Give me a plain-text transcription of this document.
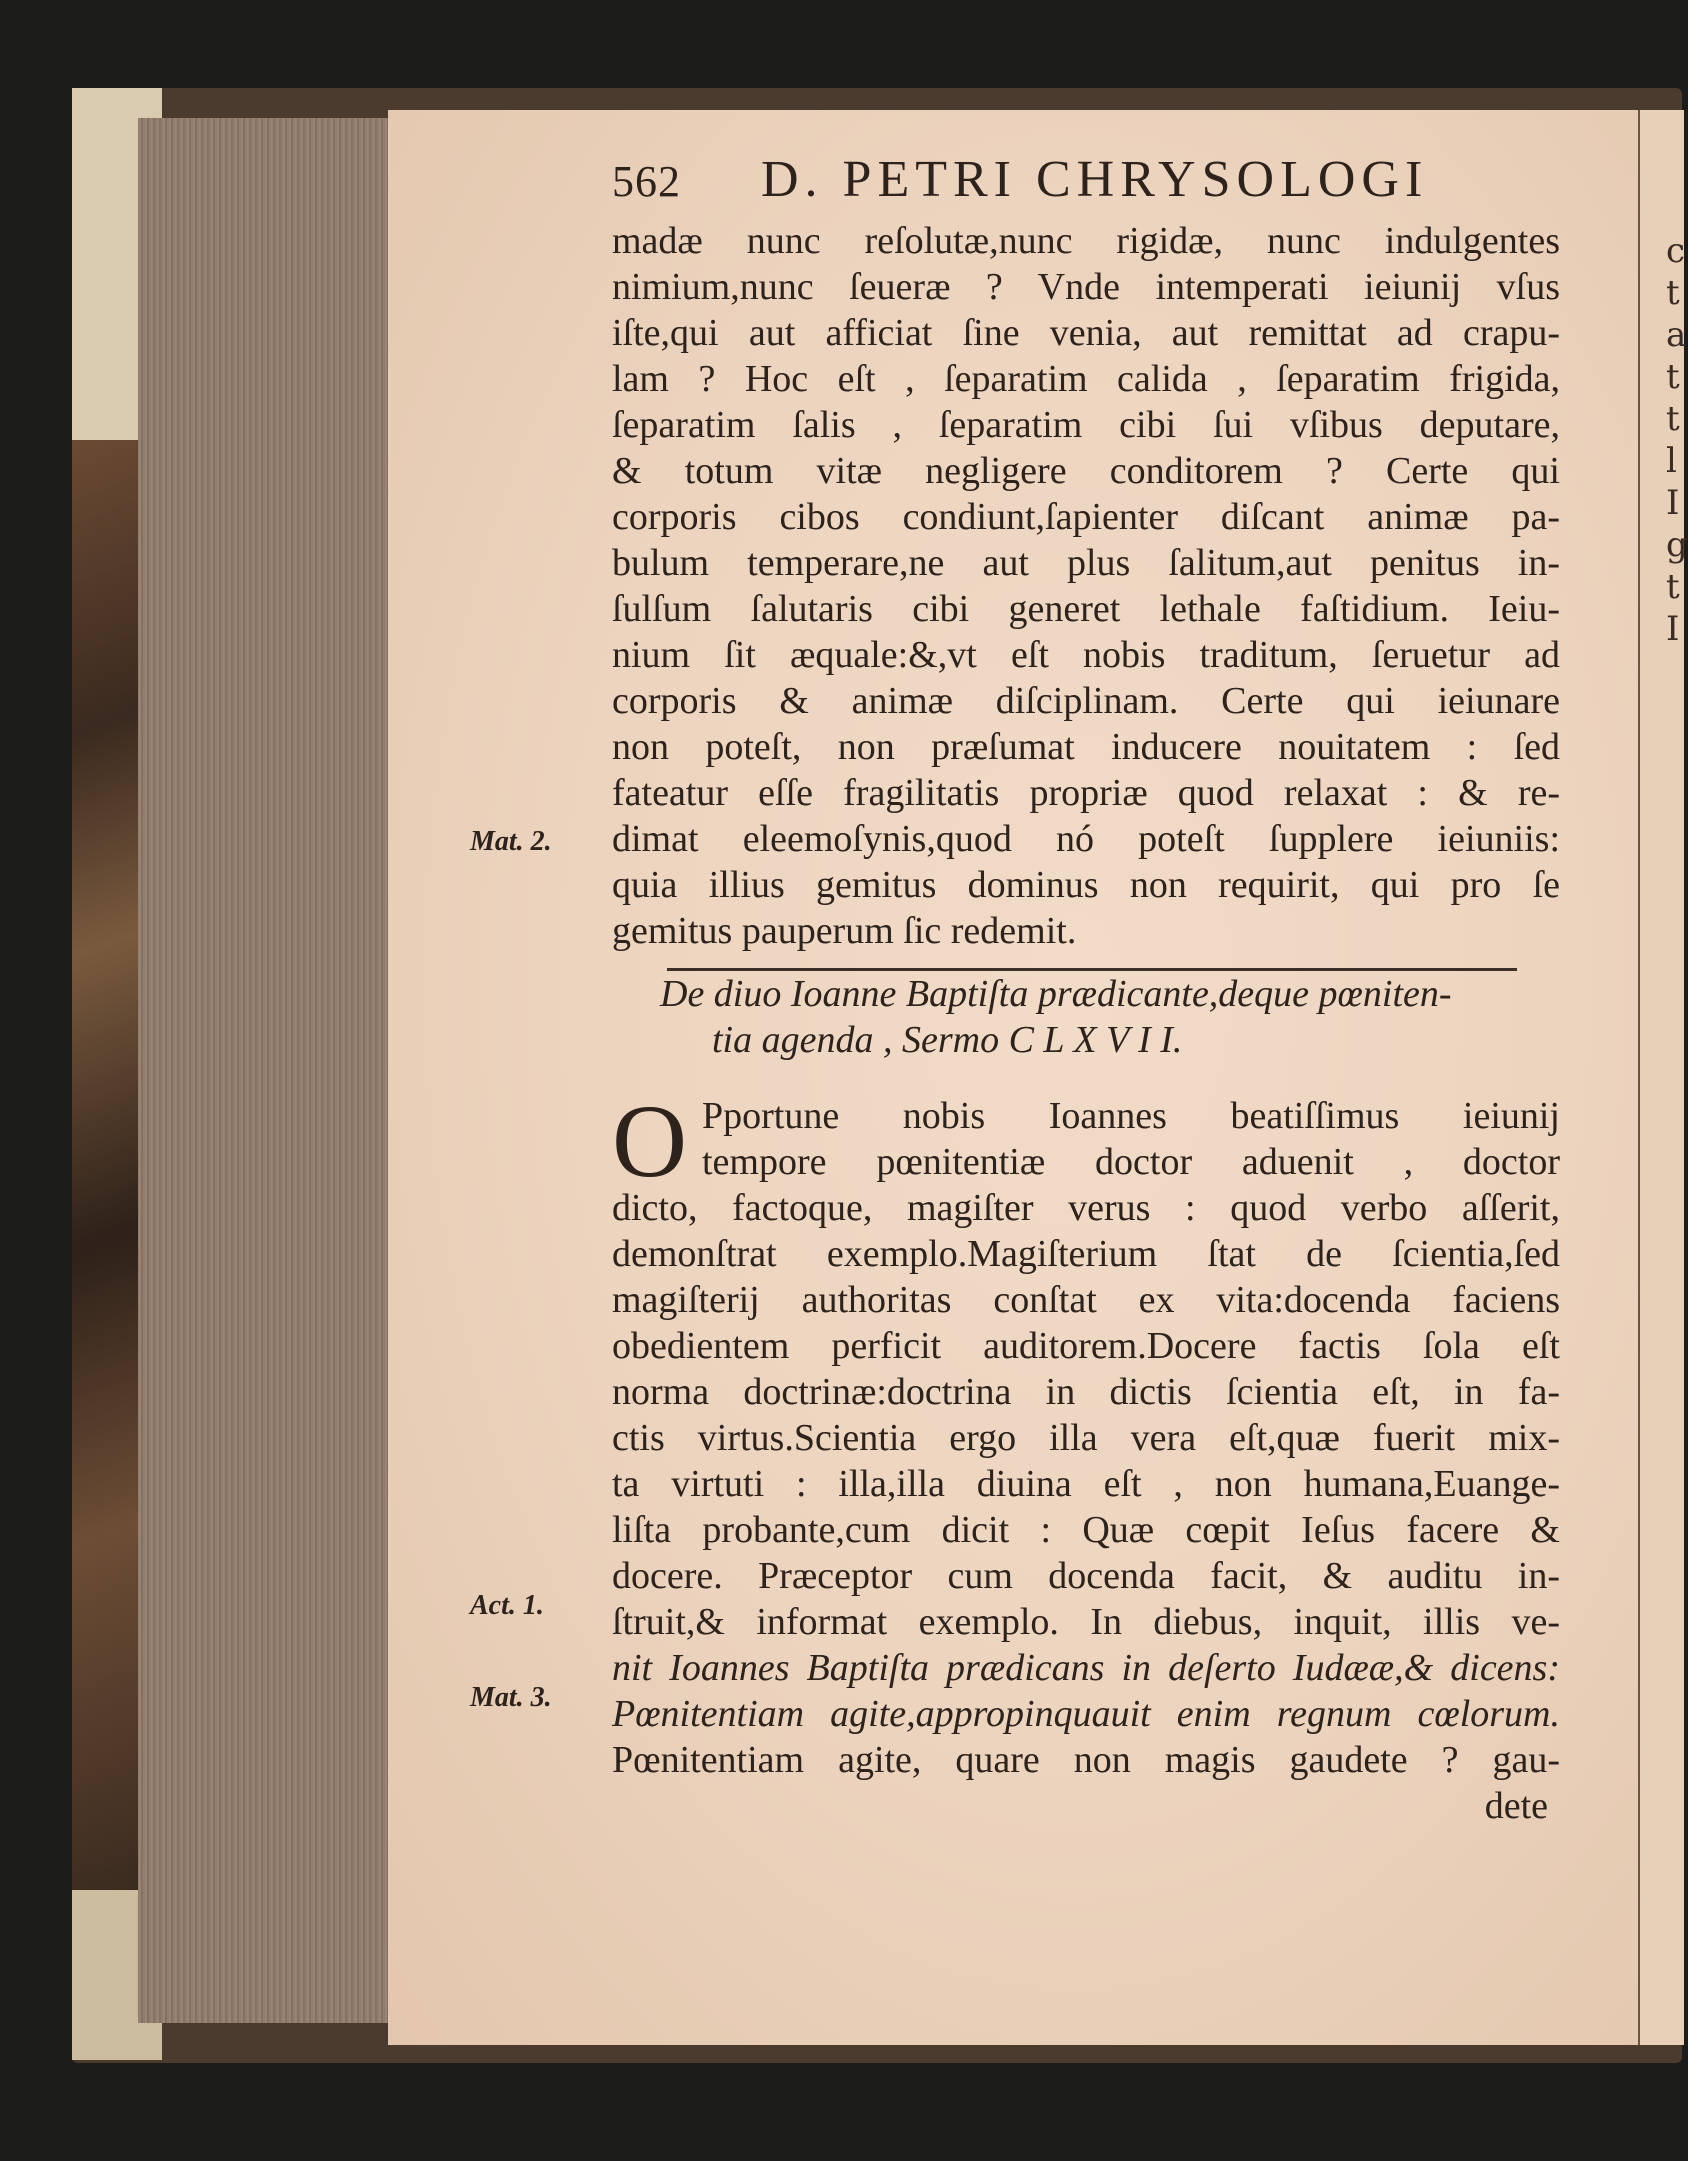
562 D. PETRI CHRYSOLOGI
madæ nunc reſolutæ,nunc rigidæ, nunc indulgentes
nimium,nunc ſeueræ ? Vnde intemperati ieiunij vſus
iſte,qui aut afficiat ſine venia, aut remittat ad crapu-
lam ? Hoc eſt , ſeparatim calida , ſeparatim frigida,
ſeparatim ſalis , ſeparatim cibi ſui vſibus deputare,
& totum vitæ negligere conditorem ? Certe qui
corporis cibos condiunt,ſapienter diſcant animæ pa-
bulum temperare,ne aut plus ſalitum,aut penitus in-
ſulſum ſalutaris cibi generet lethale faſtidium. Ieiu-
nium ſit æquale:&,vt eſt nobis traditum, ſeruetur ad
corporis & animæ diſciplinam. Certe qui ieiunare
non poteſt, non præſumat inducere nouitatem : ſed
fateatur eſſe fragilitatis propriæ quod relaxat : & re-
dimat eleemoſynis,quod nó poteſt ſupplere ieiuniis:
quia illius gemitus dominus non requirit, qui pro ſe
gemitus pauperum ſic redemit.
De diuo Ioanne Baptiſta prædicante,deque pœniten-
tia agenda , Sermo C L X V I I.
O Pportune nobis Ioannes beatiſſimus ieiunij
tempore pœnitentiæ doctor aduenit , doctor
dicto, factoque, magiſter verus : quod verbo aſſerit,
demonſtrat exemplo.Magiſterium ſtat de ſcientia,ſed
magiſterij authoritas conſtat ex vita:docenda faciens
obedientem perficit auditorem.Docere factis ſola eſt
norma doctrinæ:doctrina in dictis ſcientia eſt, in fa-
ctis virtus.Scientia ergo illa vera eſt,quæ fuerit mix-
ta virtuti : illa,illa diuina eſt , non humana,Euange-
liſta probante,cum dicit : Quæ cœpit Ieſus facere &
docere. Præceptor cum docenda facit, & auditu in-
ſtruit,& informat exemplo. In diebus, inquit, illis ve-
nit Ioannes Baptiſta prædicans in deſerto Iudææ,& dicens:
Pœnitentiam agite,appropinquauit enim regnum cœlorum.
Pœnitentiam agite, quare non magis gaudete ? gau-
dete
Mat. 2.
Act. 1.
Mat. 3.
c t a t t l I g t I
